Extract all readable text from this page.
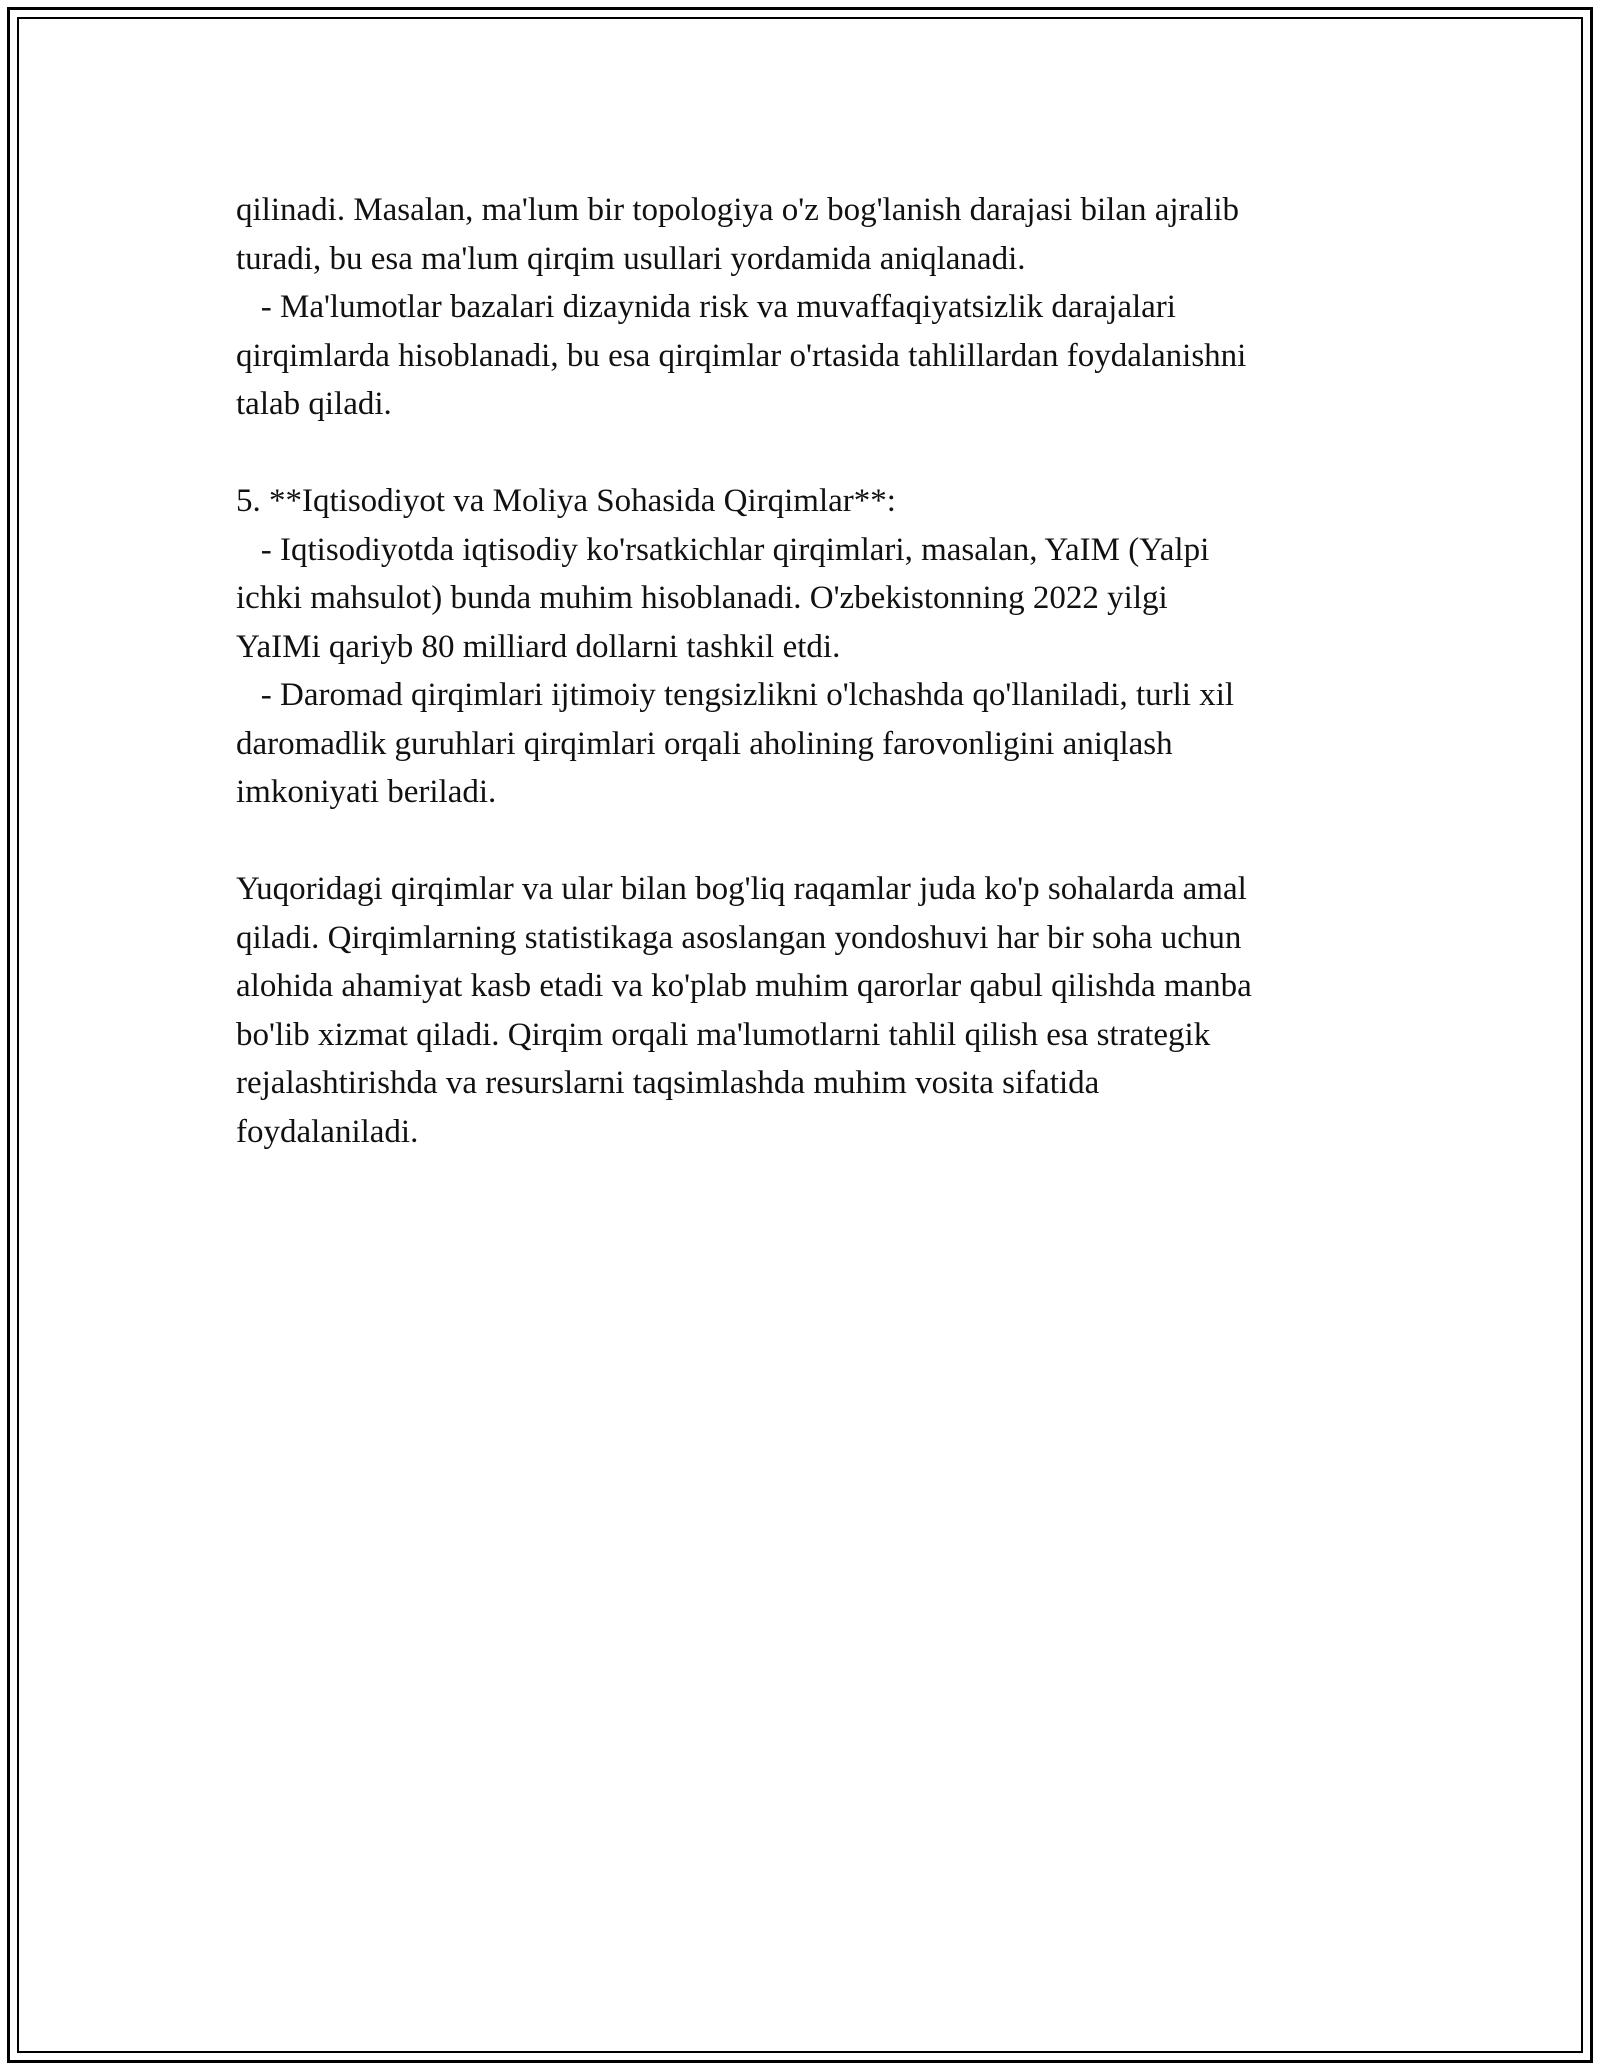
qilinadi. Masalan, ma'lum bir topologiya o'z bog'lanish darajasi bilan ajralib
turadi, bu esa ma'lum qirqim usullari yordamida aniqlanadi.
- Ma'lumotlar bazalari dizaynida risk va muvaffaqiyatsizlik darajalari
qirqimlarda hisoblanadi, bu esa qirqimlar o'rtasida tahlillardan foydalanishni
talab qiladi.
5. **Iqtisodiyot va Moliya Sohasida Qirqimlar**:
- Iqtisodiyotda iqtisodiy ko'rsatkichlar qirqimlari, masalan, YaIM (Yalpi
ichki mahsulot) bunda muhim hisoblanadi. O'zbekistonning 2022 yilgi
YaIMi qariyb 80 milliard dollarni tashkil etdi.
- Daromad qirqimlari ijtimoiy tengsizlikni o'lchashda qo'llaniladi, turli xil
daromadlik guruhlari qirqimlari orqali aholining farovonligini aniqlash
imkoniyati beriladi.
Yuqoridagi qirqimlar va ular bilan bog'liq raqamlar juda ko'p sohalarda amal
qiladi. Qirqimlarning statistikaga asoslangan yondoshuvi har bir soha uchun
alohida ahamiyat kasb etadi va ko'plab muhim qarorlar qabul qilishda manba
bo'lib xizmat qiladi. Qirqim orqali ma'lumotlarni tahlil qilish esa strategik
rejalashtirishda va resurslarni taqsimlashda muhim vosita sifatida
foydalaniladi.
